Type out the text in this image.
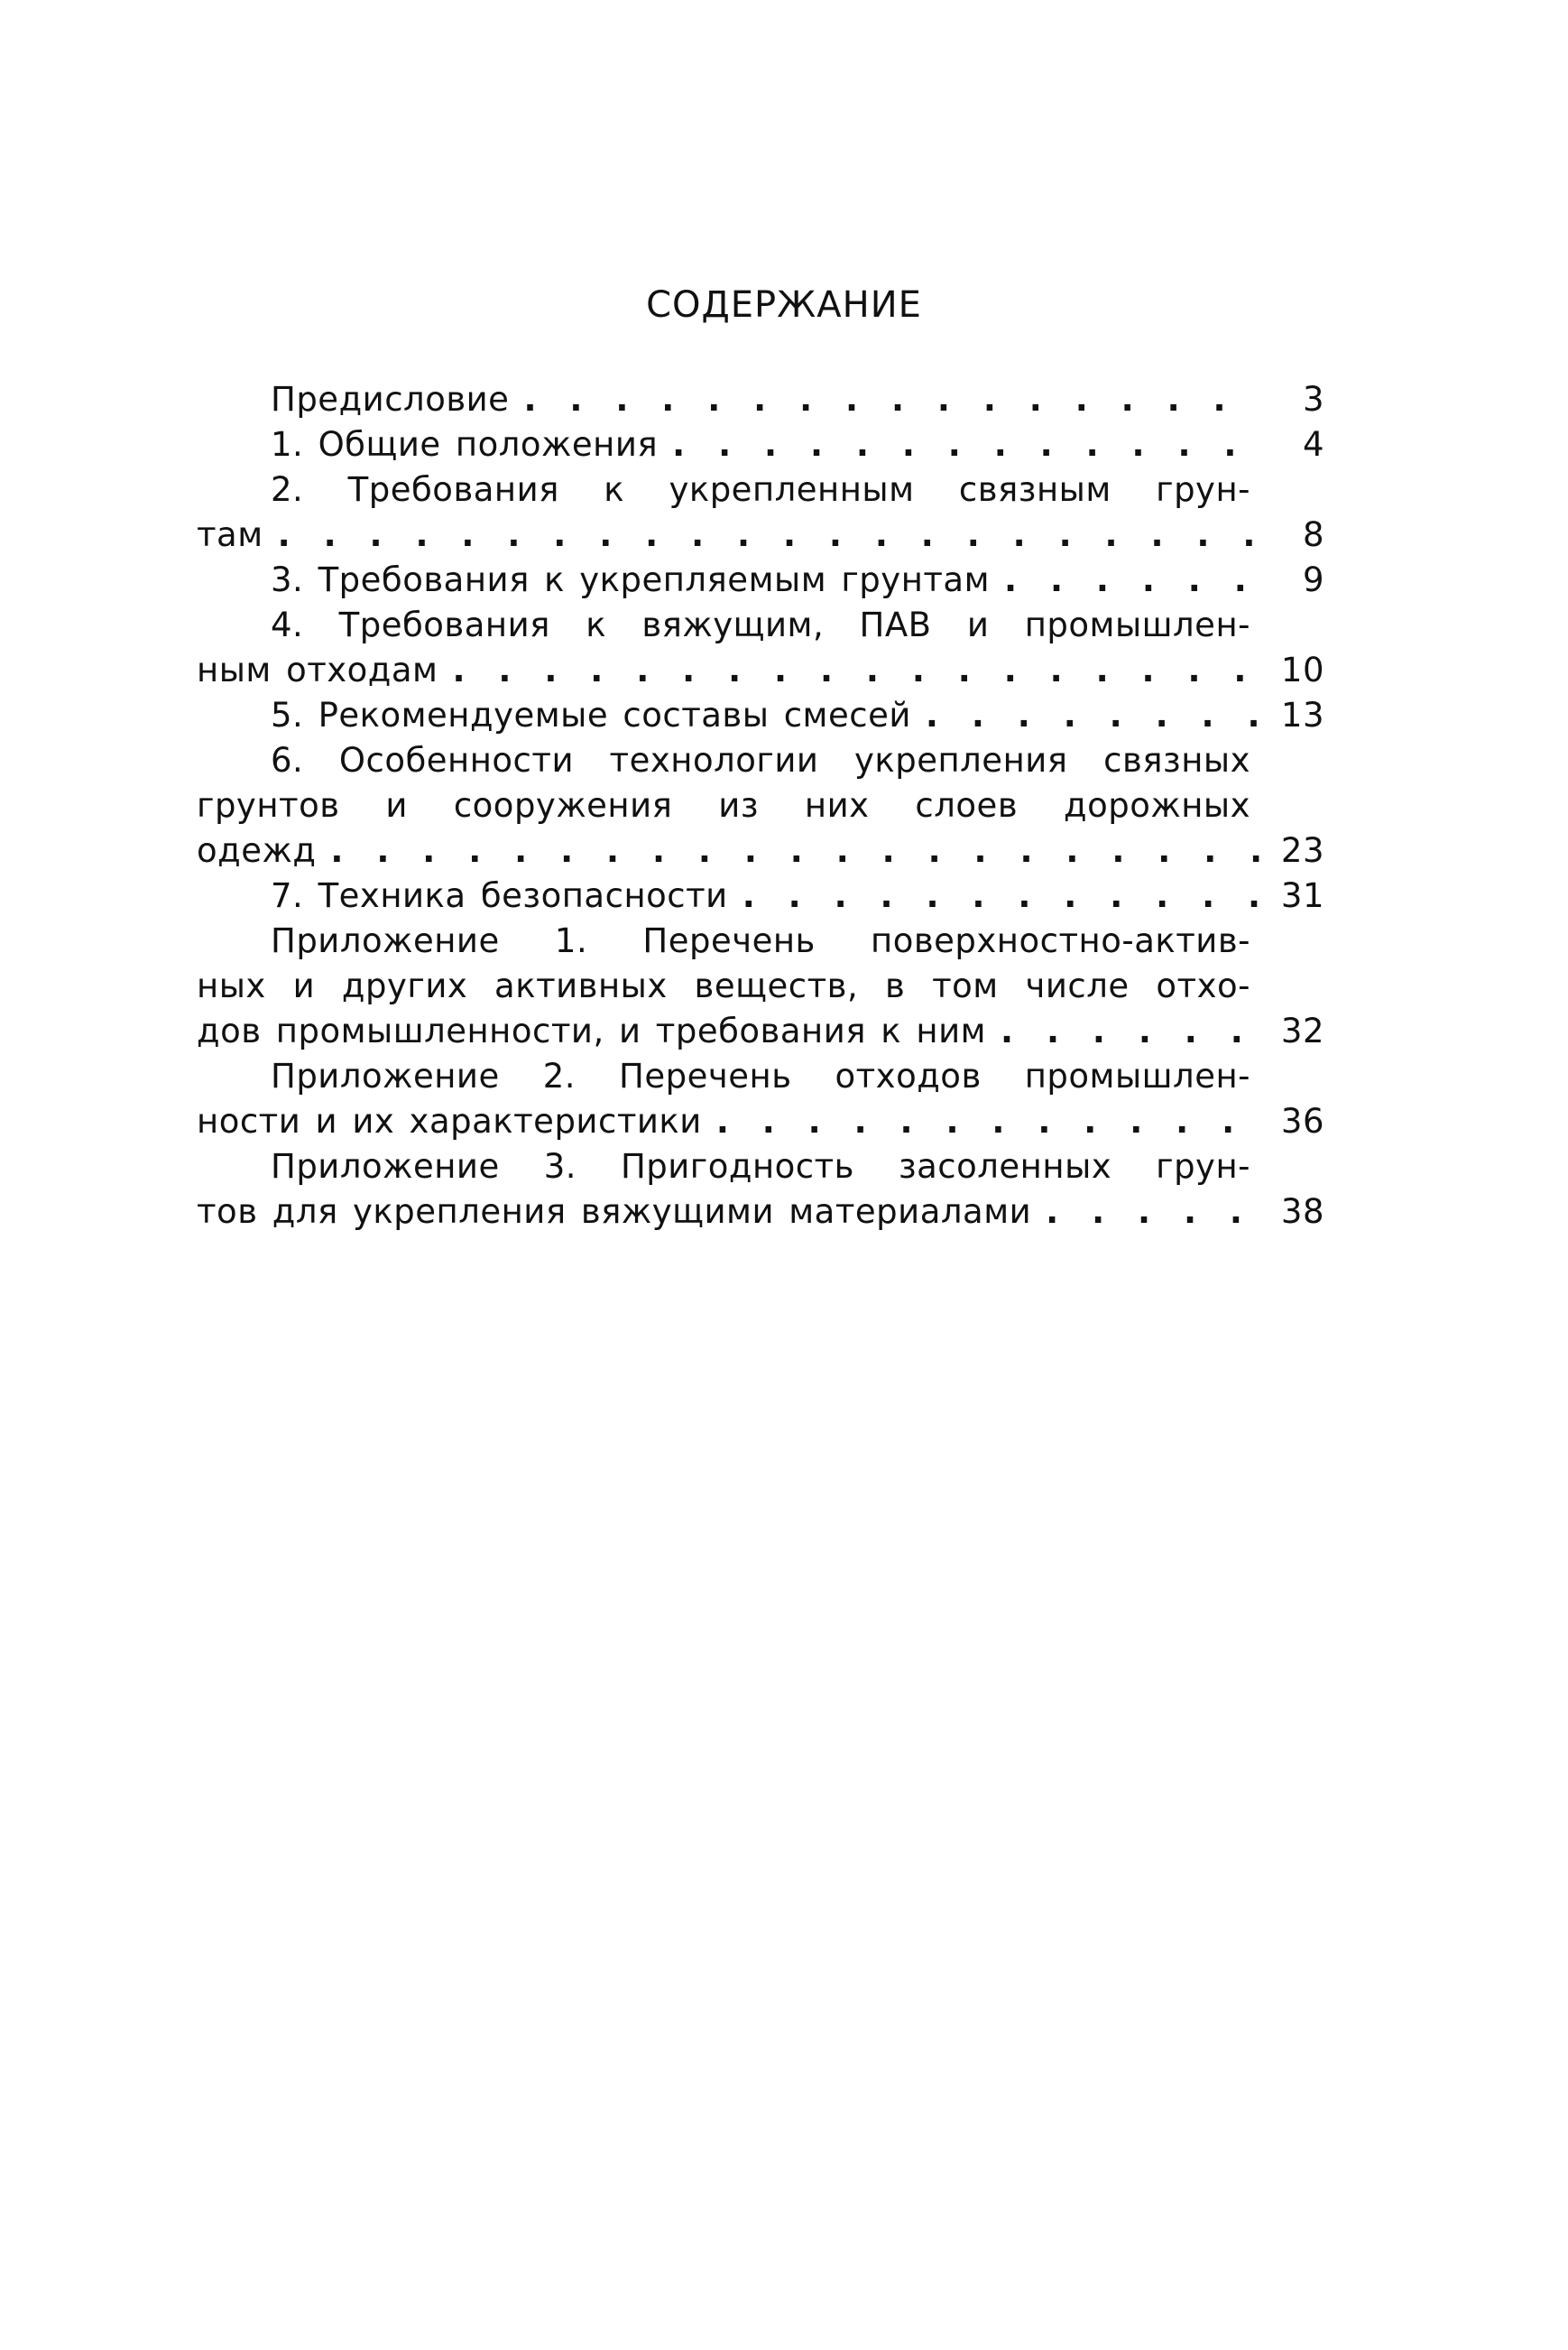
СОДЕРЖАНИЕ
Предисловие . . .	3
1. Общие положения . . .	4
2. Требования к укрепленным связным грун-
там . . .	8
3. Требования к укрепляемым грунтам . . .	9
4. Требования к вяжущим, ПАВ и промышлен-
ным отходам . . .	10
5. Рекомендуемые составы смесей . . .	13
6. Особенности технологии укрепления связных
грунтов и сооружения из них слоев дорожных
одежд . . .	23
7. Техника безопасности . . .	31
Приложение 1. Перечень поверхностно-актив-
ных и других активных веществ, в том числе отхо-
дов промышленности, и требования к ним . . .	32
Приложение 2. Перечень отходов промышлен-
ности и их характеристики . . .	36
Приложение 3. Пригодность засоленных грун-
тов для укрепления вяжущими материалами . . .	38
